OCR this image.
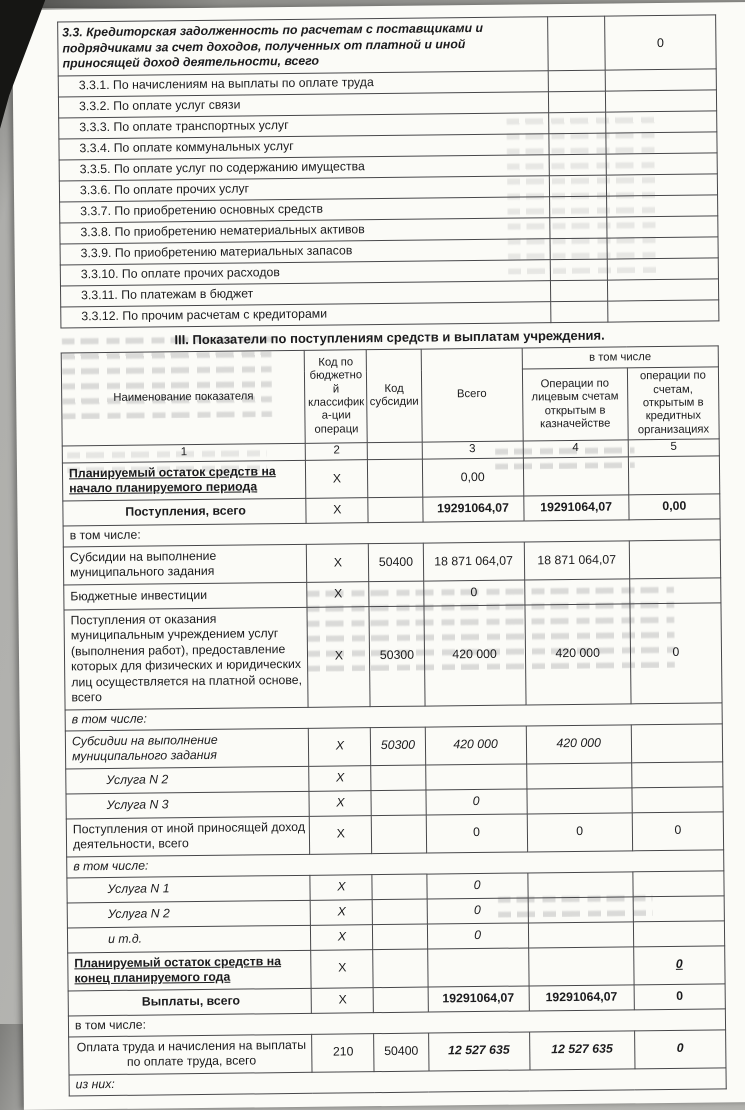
3.3. Кредиторская задолженность по расчетам с поставщиками и подрядчиками за счет доходов, полученных от платной и иной приносящей доход деятельности, всего		0
3.3.1. По начислениям на выплаты по оплате труда		
3.3.2. По оплате услуг связи		
3.3.3. По оплате транспортных услуг		
3.3.4. По оплате коммунальных услуг		
3.3.5. По оплате услуг по содержанию имущества		
3.3.6. По оплате прочих услуг		
3.3.7. По приобретению основных средств		
3.3.8. По приобретению нематериальных активов		
3.3.9. По приобретению материальных запасов		
3.3.10. По оплате прочих расходов		
3.3.11. По платежам в бюджет		
3.3.12. По прочим расчетам с кредиторами		
III. Показатели по поступлениям средств и выплатам учреждения.
Наименование показателя	Код по бюджетной классифика-ции операци	Код субсидии	Всего	в том числе	
				Операции по лицевым счетам открытым в казначействе	операции по счетам, открытым в кредитных организациях
1	2		3	4	5
Планируемый остаток средств на начало планируемого периода	Х		0,00		
Поступления, всего	Х		19291064,07	19291064,07	0,00
в том числе:					
Субсидии на выполнение муниципального задания	Х	50400	18 871 064,07	18 871 064,07	
Бюджетные инвестиции	Х		0		
Поступления от оказания муниципальным учреждением услуг (выполнения работ), предоставление которых для физических и юридических лиц осуществляется на платной основе, всего	Х	50300	420 000	420 000	0
в том числе:					
Субсидии на выполнение муниципального задания	Х	50300	420 000	420 000	
Услуга N 2	Х				
Услуга N 3	Х		0		
Поступления от иной приносящей доход деятельности, всего	Х		0	0	0
в том числе:					
Услуга N 1	Х		0		
Услуга N 2	Х		0		
и т.д.	Х		0		
Планируемый остаток средств на конец планируемого года	Х				0
Выплаты, всего	Х		19291064,07	19291064,07	0
в том числе:					
Оплата труда и начисления на выплаты по оплате труда, всего	210	50400	12 527 635	12 527 635	0
из них:					
